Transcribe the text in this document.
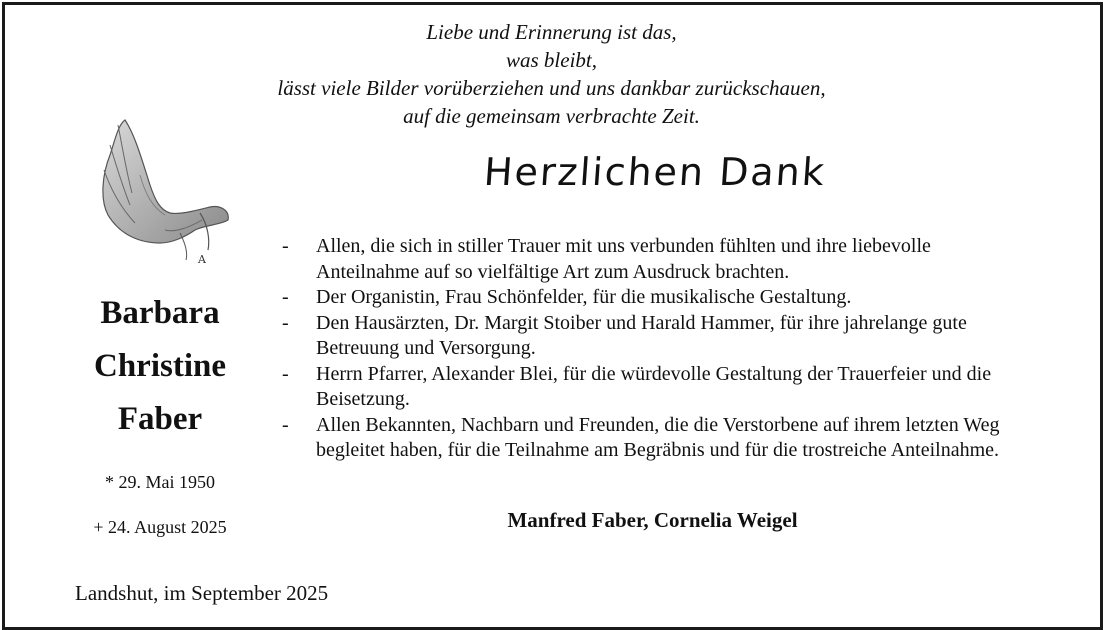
Liebe und Erinnerung ist das,
was bleibt,
lässt viele Bilder vorüberziehen und uns dankbar zurückschauen,
auf die gemeinsam verbrachte Zeit.
Herzlichen Dank
A
Barbara
Christine
Faber
* 29. Mai 1950
+ 24. August 2025
- Allen, die sich in stiller Trauer mit uns verbunden fühlten und ihre liebevolle Anteilnahme auf so vielfältige Art zum Ausdruck brachten.
- Der Organistin, Frau Schönfelder, für die musikalische Gestaltung.
- Den Hausärzten, Dr. Margit Stoiber und Harald Hammer, für ihre jahrelange gute Betreuung und Versorgung.
- Herrn Pfarrer, Alexander Blei, für die würdevolle Gestaltung der Trauerfeier und die Beisetzung.
- Allen Bekannten, Nachbarn und Freunden, die die Verstorbene auf ihrem letzten Weg begleitet haben, für die Teilnahme am Begräbnis und für die trostreiche Anteilnahme.
Manfred Faber, Cornelia Weigel
Landshut, im September 2025
